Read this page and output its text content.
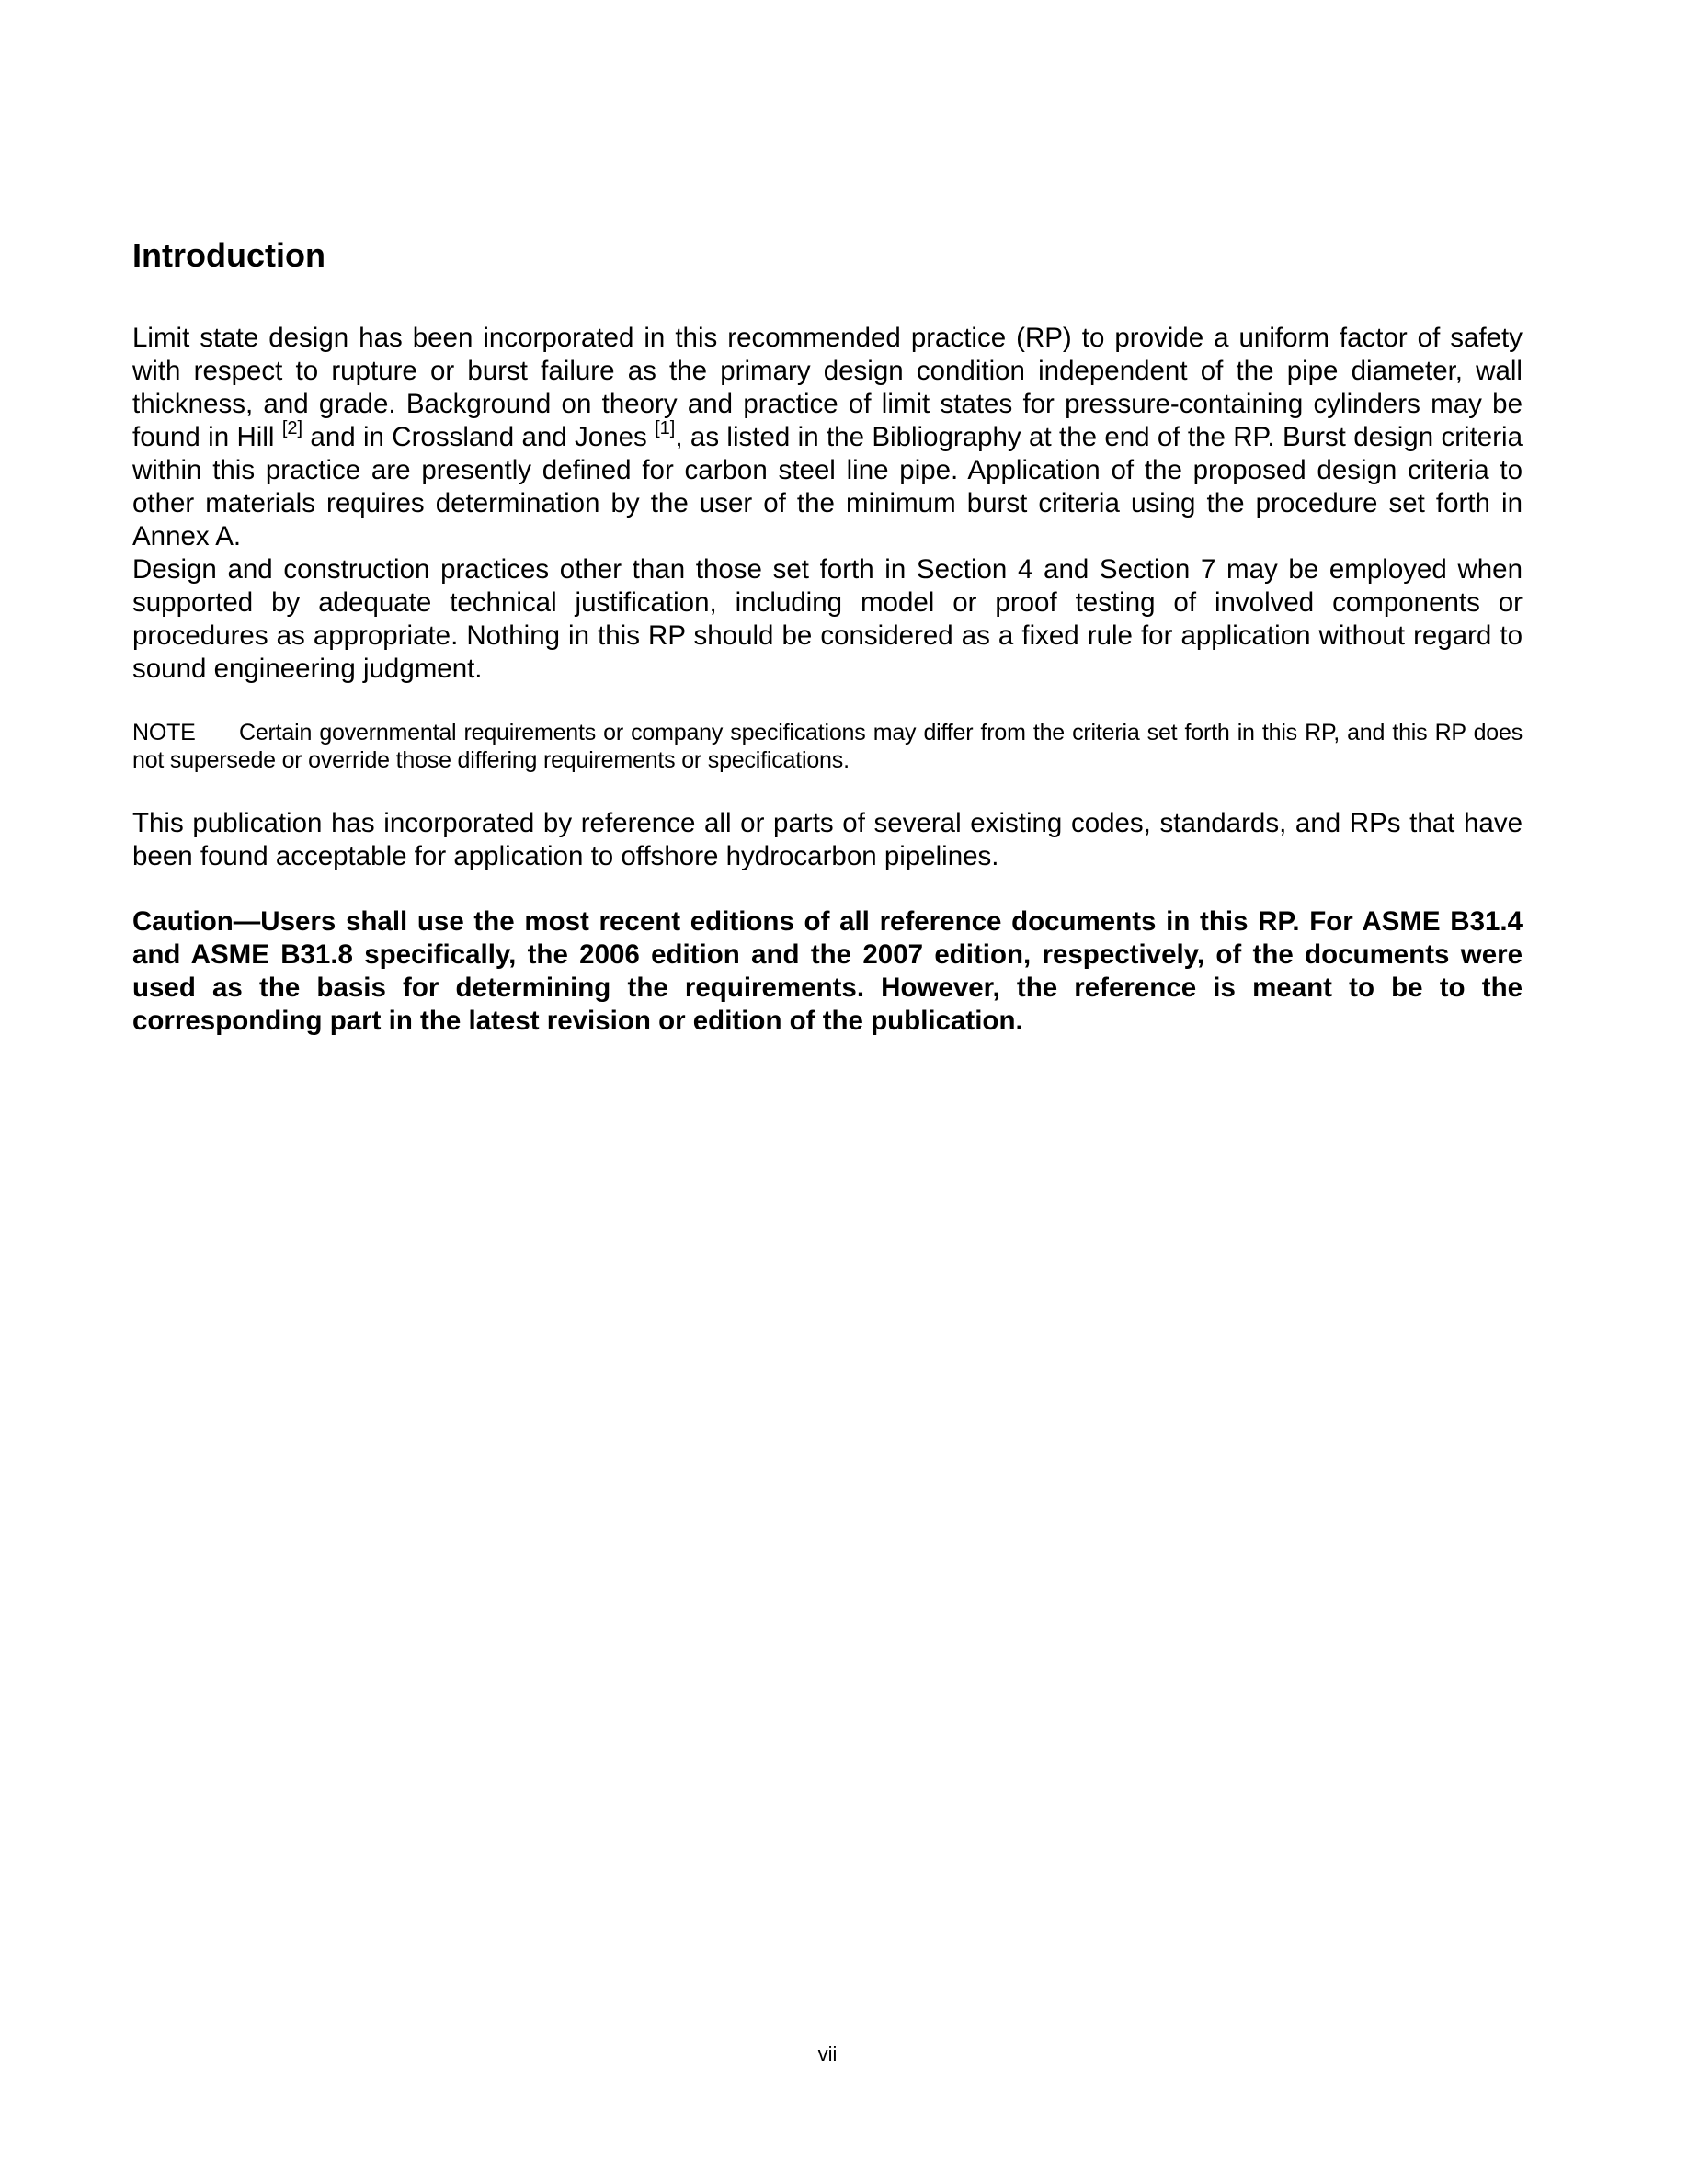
Introduction

Limit state design has been incorporated in this recommended practice (RP) to provide a uniform factor of safety with respect to rupture or burst failure as the primary design condition independent of the pipe diameter, wall thickness, and grade. Background on theory and practice of limit states for pressure-containing cylinders may be found in Hill [2] and in Crossland and Jones [1], as listed in the Bibliography at the end of the RP. Burst design criteria within this practice are presently defined for carbon steel line pipe. Application of the proposed design criteria to other materials requires determination by the user of the minimum burst criteria using the procedure set forth in Annex A.

Design and construction practices other than those set forth in Section 4 and Section 7 may be employed when supported by adequate technical justification, including model or proof testing of involved components or procedures as appropriate. Nothing in this RP should be considered as a fixed rule for application without regard to sound engineering judgment.

NOTE Certain governmental requirements or company specifications may differ from the criteria set forth in this RP, and this RP does not supersede or override those differing requirements or specifications.

This publication has incorporated by reference all or parts of several existing codes, standards, and RPs that have been found acceptable for application to offshore hydrocarbon pipelines.

Caution—Users shall use the most recent editions of all reference documents in this RP. For ASME B31.4 and ASME B31.8 specifically, the 2006 edition and the 2007 edition, respectively, of the documents were used as the basis for determining the requirements. However, the reference is meant to be to the corresponding part in the latest revision or edition of the publication.

vii
